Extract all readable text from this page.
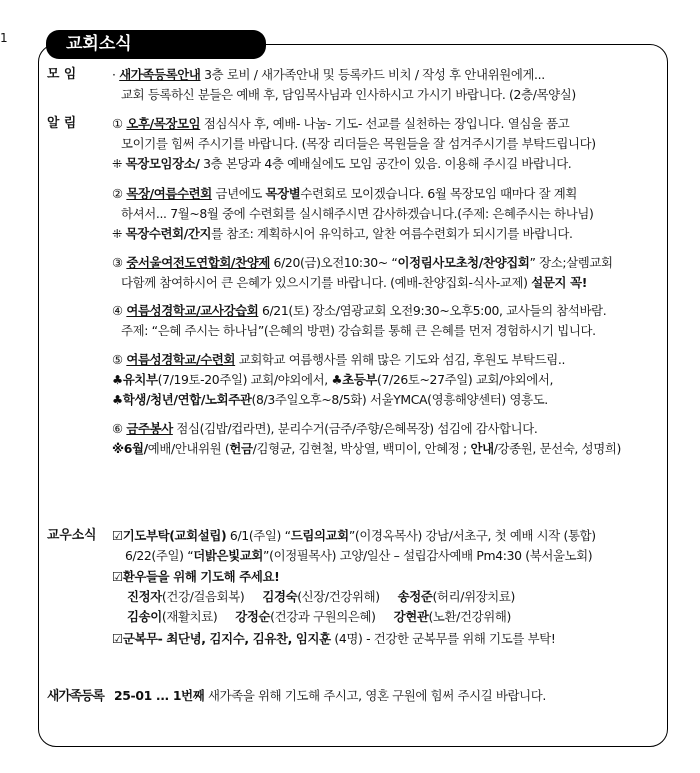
1	교회소식
모 임	· 새가족등록안내 3층 로비 / 새가족안내 및 등록카드 비치 / 작성 후 안내위원에게...
교회 등록하신 분들은 예배 후, 담임목사님과 인사하시고 가시기 바랍니다. (2층/목양실)
알 림	① 오후/목장모임 점심식사 후, 예배- 나눔- 기도- 선교를 실천하는 장입니다. 열심을 품고
모이기를 힘써 주시기를 바랍니다. (목장 리더들은 목원들을 잘 섬겨주시기를 부탁드립니다)
⁜ 목장모임장소/ 3층 본당과 4층 예배실에도 모임 공간이 있음. 이용해 주시길 바랍니다.
② 목장/여름수련회 금년에도 목장별수련회로 모이겠습니다. 6월 목장모임 때마다 잘 계획
하셔서... 7월~8월 중에 수련회를 실시해주시면 감사하겠습니다.(주제: 은혜주시는 하나님)
⁜ 목장수련회/간지를 참조: 계획하시어 유익하고, 알찬 여름수련회가 되시기를 바랍니다.
③ 중서울여전도연합회/찬양제 6/20(금)오전10:30~ “이정림사모초청/찬양집회” 장소;살렘교회
다함께 참여하시어 큰 은혜가 있으시기를 바랍니다. (예배-찬양집회-식사-교제) 설문지 꼭!
④ 여름성경학교/교사강습회 6/21(토) 장소/염광교회 오전9:30~오후5:00, 교사들의 참석바람.
주제: “은혜 주시는 하나님”(은혜의 방편) 강습회를 통해 큰 은혜를 먼저 경험하시기 빕니다.
⑤ 여름성경학교/수련회 교회학교 여름행사를 위해 많은 기도와 섬김, 후원도 부탁드림..
♣유치부(7/19토-20주일) 교회/야외에서, ♣초등부(7/26토~27주일) 교회/야외에서,
♣학생/청년/연합/노회주관(8/3주일오후~8/5화) 서울YMCA(영흥해양센터) 영흥도.
⑥ 금주봉사 점심(김밥/컵라면), 분리수거(금주/주향/은혜목장) 섬김에 감사합니다.
※6월/예배/안내위원 (헌금/김형균, 김현철, 박상열, 백미이, 안혜정 ; 안내/강종원, 문선숙, 성명희)
교우소식 ☑기도부탁(교회설립) 6/1(주일) “드림의교회”(이경옥목사) 강남/서초구, 첫 예배 시작 (통합)
6/22(주일) “더밝은빛교회”(이정필목사) 고양/일산 – 설립감사예배 Pm4:30 (북서울노회)
☑환우들을 위해 기도해 주세요!
진정자(건강/걸음회복) 김경숙(신장/건강위해) 송정준(허리/위장치료)
김송이(재활치료) 강정순(건강과 구원의은혜) 강현관(노환/건강위해)
☑군복무- 최단녕, 김지수, 김유찬, 임지훈 (4명) - 건강한 군복무를 위해 기도를 부탁!
새가족등록 25-01 ... 1번째 새가족을 위해 기도해 주시고, 영혼 구원에 힘써 주시길 바랍니다.
